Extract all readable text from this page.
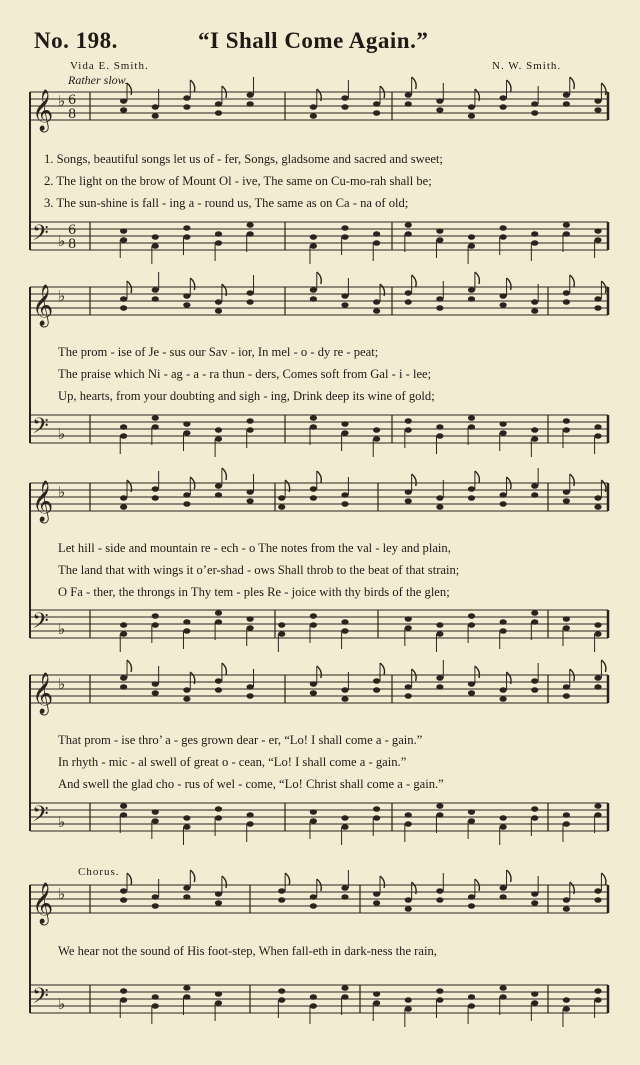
No. 198.	“I Shall Come Again.”
Vida E. Smith.	N. W. Smith.
Rather slow.
Chorus.
𝄞 ♭ 6
8
𝄢 ♭
6
8
𝄞 ♭
𝄢 ♭
𝄞 ♭
𝄢 ♭
𝄞 ♭
𝄢 ♭
𝄞 ♭
𝄢 ♭
1. Songs, beautiful songs let us of - fer, Songs, gladsome and sacred and sweet;
2. The light on the brow of Mount Ol - ive, The same on Cu-mo-rah shall be;
3. The sun-shine is fall - ing a - round us, The same as on Ca - na of old;
The prom - ise of Je - sus our Sav - ior, In mel - o - dy re - peat;
The praise which Ni - ag - a - ra thun - ders, Comes soft from Gal - i - lee;
Up, hearts, from your doubting and sigh - ing, Drink deep its wine of gold;
Let hill - side and mountain re - ech - o The notes from the val - ley and plain,
The land that with wings it o’er-shad - ows Shall throb to the beat of that strain;
O Fa - ther, the throngs in Thy tem - ples Re - joice with thy birds of the glen;
That prom - ise thro’ a - ges grown dear - er, “Lo! I shall come a - gain.”
In rhyth - mic - al swell of great o - cean, “Lo! I shall come a - gain.”
And swell the glad cho - rus of wel - come, “Lo! Christ shall come a - gain.”
We hear not the sound of His foot-step, When fall-eth in dark-ness the rain,
